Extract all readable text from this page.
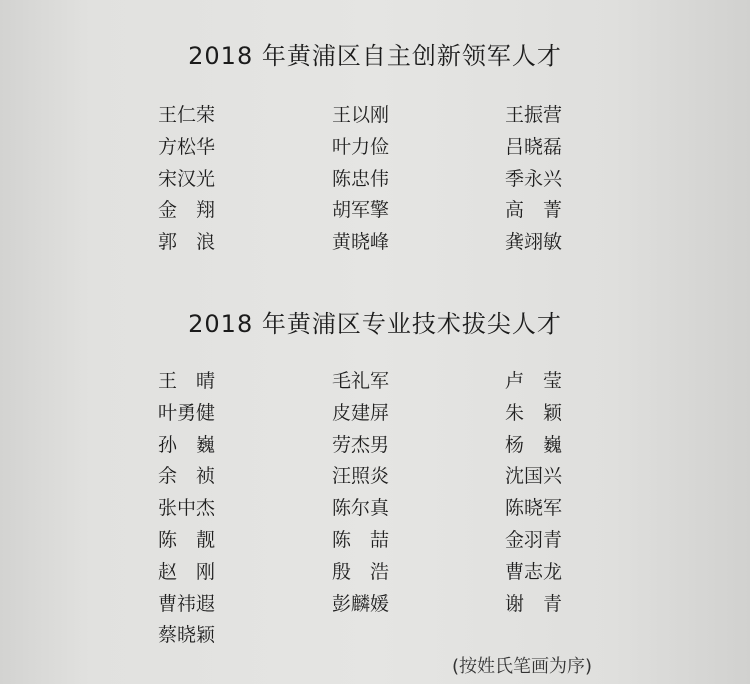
2018 年黄浦区自主创新领军人才
王仁荣	王以刚	王振营
方松华	叶力俭	吕晓磊
宋汉光	陈忠伟	季永兴
金　翔	胡军擎	高　菁
郭　浪	黄晓峰	龚翊敏
2018 年黄浦区专业技术拔尖人才
王　晴	毛礼军	卢　莹
叶勇健	皮建屏	朱　颖
孙　巍	劳杰男	杨　巍
余　祯	汪照炎	沈国兴
张中杰	陈尔真	陈晓军
陈　靓	陈　喆	金羽青
赵　刚	殷　浩	曹志龙
曹祎遐	彭麟媛	谢　青
蔡晓颖
(按姓氏笔画为序)
